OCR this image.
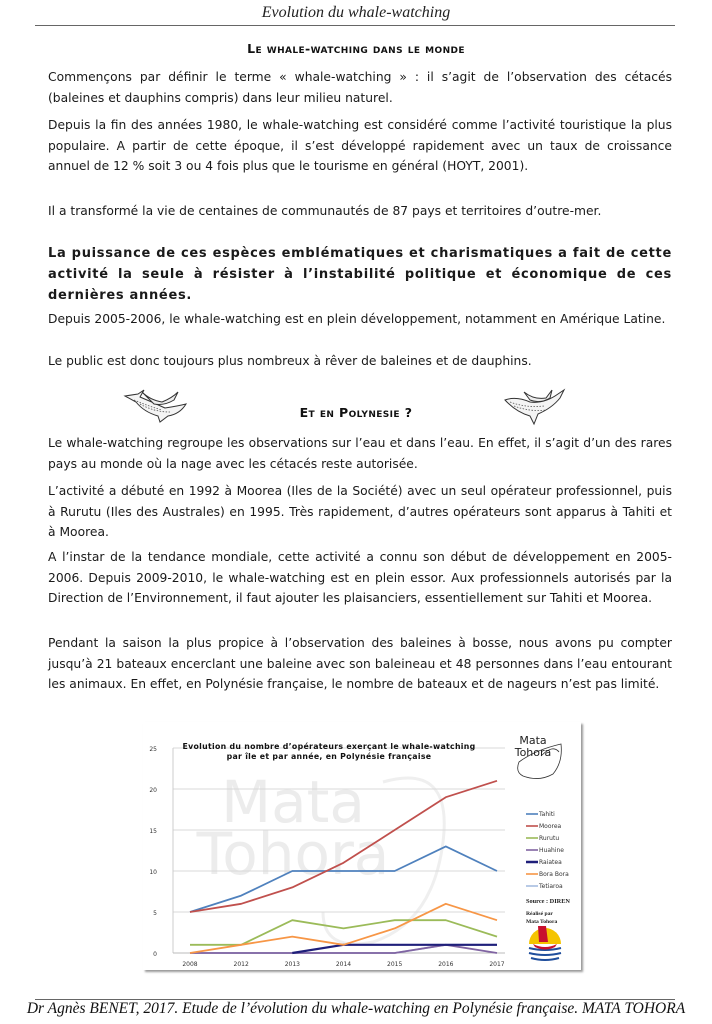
Evolution du whale-watching
Le whale-watching dans le monde

Commençons par définir le terme « whale-watching » : il s’agit de l’observation des cétacés (baleines et dauphins compris) dans leur milieu naturel.

Depuis la fin des années 1980, le whale-watching est considéré comme l’activité touristique la plus populaire. A partir de cette époque, il s’est développé rapidement avec un taux de croissance annuel de 12 % soit 3 ou 4 fois plus que le tourisme en général (HOYT, 2001).

Il a transformé la vie de centaines de communautés de 87 pays et territoires d’outre-mer.

La puissance de ces espèces emblématiques et charismatiques a fait de cette activité la seule à résister à l’instabilité politique et économique de ces dernières années.

Depuis 2005-2006, le whale-watching est en plein développement, notamment en Amérique Latine.

Le public est donc toujours plus nombreux à rêver de baleines et de dauphins.

Et en Polynesie ?

Le whale-watching regroupe les observations sur l’eau et dans l’eau. En effet, il s’agit d’un des rares pays au monde où la nage avec les cétacés reste autorisée.

L’activité a débuté en 1992 à Moorea (Iles de la Société) avec un seul opérateur professionnel, puis à Rurutu (Iles des Australes) en 1995. Très rapidement, d’autres opérateurs sont apparus à Tahiti et à Moorea.

A l’instar de la tendance mondiale, cette activité a connu son début de développement en 2005-2006. Depuis 2009-2010, le whale-watching est en plein essor. Aux professionnels autorisés par la Direction de l’Environnement, il faut ajouter les plaisanciers, essentiellement sur Tahiti et Moorea.

Pendant la saison la plus propice à l’observation des baleines à bosse, nous avons pu compter jusqu’à 21 bateaux encerclant une baleine avec son baleineau et 48 personnes dans l’eau entourant les animaux. En effet, en Polynésie française, le nombre de bateaux et de nageurs n’est pas limité.

Mata
Tohora
0
5
10
15
20
25
2008	2012	2013	2014	2015	2016	2017
Evolution du nombre d’opérateurs exerçant le whale-watching
par île et par année, en Polynésie française
Mata
Tohora
Tahiti
Moorea
Rurutu
Huahine
Raiatea
Bora Bora
Tetiaroa
Source : DIREN
Réalisé par
Mata Tohora
Dr Agnès BENET, 2017. Etude de l’évolution du whale-watching en Polynésie française. MATA TOHORA
